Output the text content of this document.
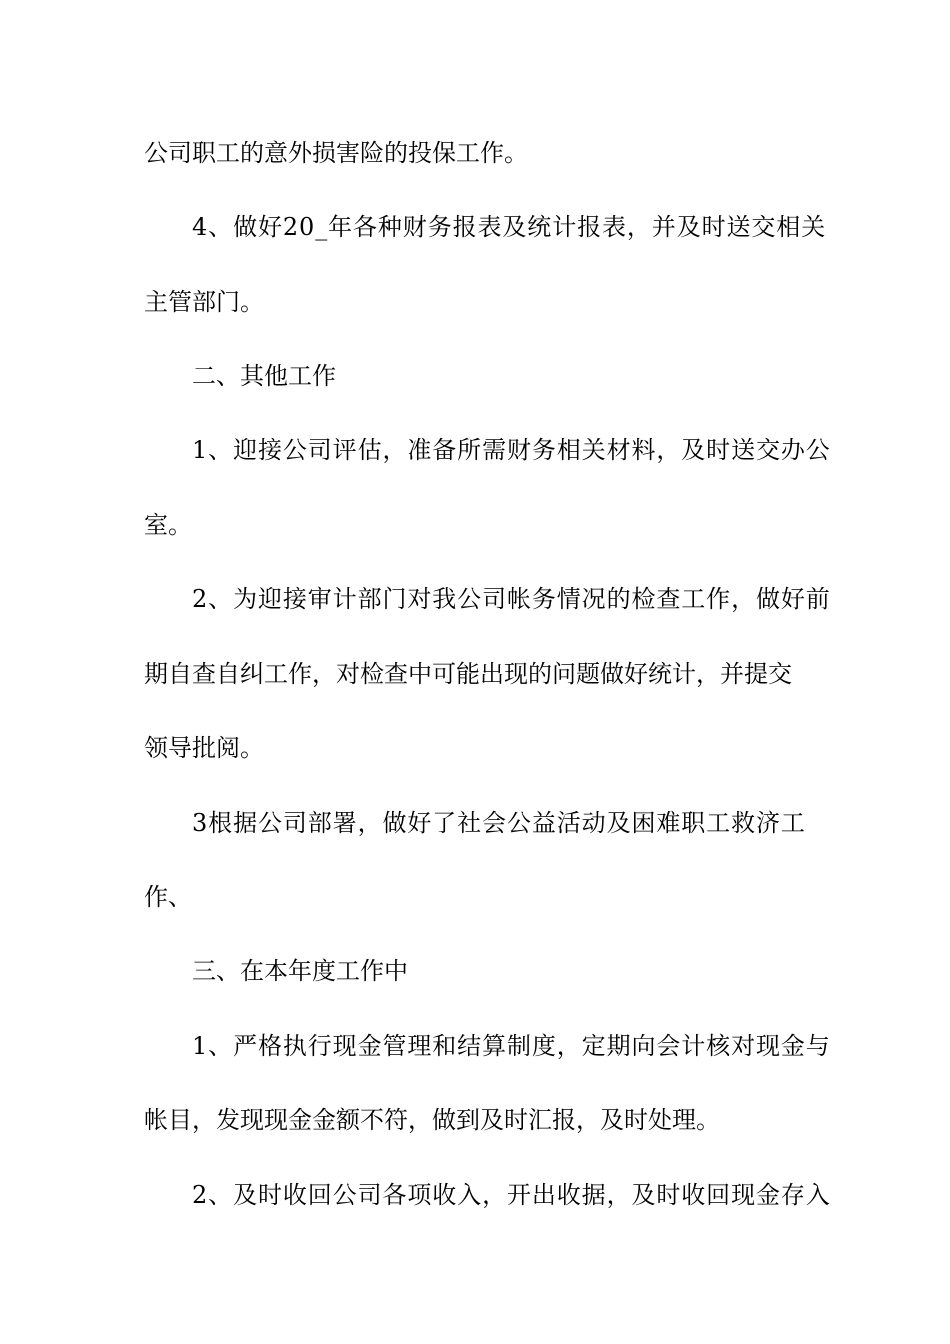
公司职工的意外损害险的投保工作。
4、做好20_年各种财务报表及统计报表，并及时送交相关
主管部门。
二、其他工作
1、迎接公司评估，准备所需财务相关材料，及时送交办公
室。
2、为迎接审计部门对我公司帐务情况的检查工作，做好前
期自查自纠工作，对检查中可能出现的问题做好统计，并提交
领导批阅。
3根据公司部署，做好了社会公益活动及困难职工救济工
作、
三、在本年度工作中
1、严格执行现金管理和结算制度，定期向会计核对现金与
帐目，发现现金金额不符，做到及时汇报，及时处理。
2、及时收回公司各项收入，开出收据，及时收回现金存入
